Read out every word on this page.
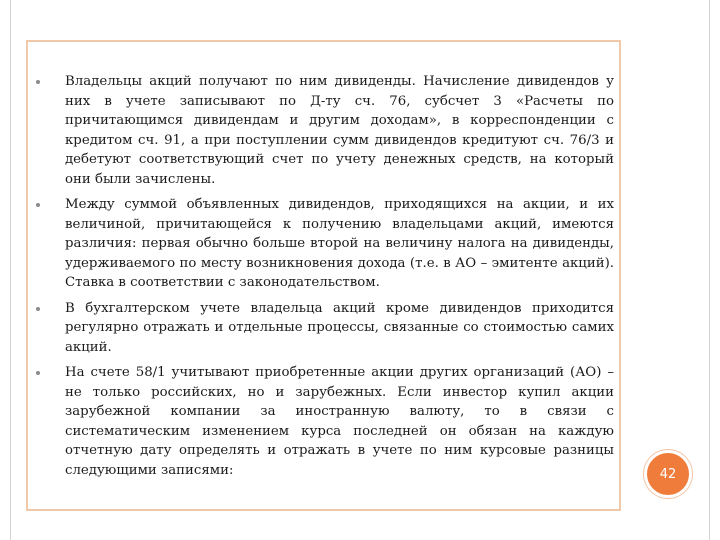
Владельцы акций получают по ним дивиденды. Начисление дивидендов у них в учете записывают по Д-ту сч. 76, субсчет 3 «Расчеты по причитающимся дивидендам и другим доходам», в корреспонденции с кредитом сч. 91, а при поступлении сумм дивидендов кредитуют сч. 76/3 и дебетуют соответствующий счет по учету денежных средств, на который они были зачислены.

Между суммой объявленных дивидендов, приходящихся на акции, и их величиной, причитающейся к получению владельцами акций, имеются различия: первая обычно больше второй на величину налога на дивиденды, удерживаемого по месту возникновения дохода (т.е. в АО – эмитенте акций). Ставка в соответствии с законодательством.

В бухгалтерском учете владельца акций кроме дивидендов приходится регулярно отражать и отдельные процессы, связанные со стоимостью самих акций.

На счете 58/1 учитывают приобретенные акции других организаций (АО) – не только российских, но и зарубежных. Если инвестор купил акции зарубежной компании за иностранную валюту, то в связи с систематическим изменением курса последней он обязан на каждую отчетную дату определять и отражать в учете по ним курсовые разницы следующими записями:	42
